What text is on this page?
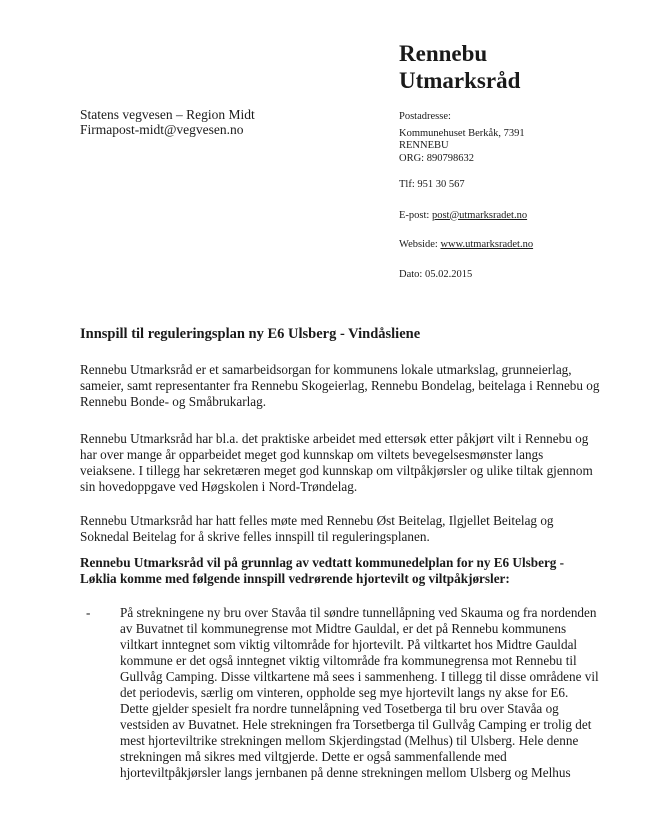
Rennebu
Utmarksråd
Statens vegvesen – Region Midt
Firmapost-midt@vegvesen.no
Postadresse:
Kommunehuset Berkåk, 7391
RENNEBU
ORG: 890798632
Tlf: 951 30 567
E-post: post@utmarksradet.no
Webside: www.utmarksradet.no
Dato: 05.02.2015
Innspill til reguleringsplan ny E6 Ulsberg - Vindåsliene

Rennebu Utmarksråd er et samarbeidsorgan for kommunens lokale utmarkslag, grunneierlag, sameier, samt representanter fra Rennebu Skogeierlag, Rennebu Bondelag, beitelaga i Rennebu og Rennebu Bonde- og Småbrukarlag.

Rennebu Utmarksråd har bl.a. det praktiske arbeidet med ettersøk etter påkjørt vilt i Rennebu og har over mange år opparbeidet meget god kunnskap om viltets bevegelsesmønster langs veiaksene. I tillegg har sekretæren meget god kunnskap om viltpåkjørsler og ulike tiltak gjennom sin hovedoppgave ved Høgskolen i Nord-Trøndelag.

Rennebu Utmarksråd har hatt felles møte med Rennebu Øst Beitelag, Ilgjellet Beitelag og Soknedal Beitelag for å skrive felles innspill til reguleringsplanen.

Rennebu Utmarksråd vil på grunnlag av vedtatt kommunedelplan for ny E6 Ulsberg - Løklia komme med følgende innspill vedrørende hjortevilt og viltpåkjørsler:

- På strekningene ny bru over Stavåa til søndre tunnellåpning ved Skauma og fra nordenden av Buvatnet til kommunegrense mot Midtre Gauldal, er det på Rennebu kommunens viltkart inntegnet som viktig viltområde for hjortevilt. På viltkartet hos Midtre Gauldal kommune er det også inntegnet viktig viltområde fra kommunegrensa mot Rennebu til Gullvåg Camping. Disse viltkartene må sees i sammenheng. I tillegg til disse områdene vil det periodevis, særlig om vinteren, oppholde seg mye hjortevilt langs ny akse for E6. Dette gjelder spesielt fra nordre tunnelåpning ved Tosetberga til bru over Stavåa og vestsiden av Buvatnet. Hele strekningen fra Torsetberga til Gullvåg Camping er trolig det mest hjorteviltrike strekningen mellom Skjerdingstad (Melhus) til Ulsberg. Hele denne strekningen må sikres med viltgjerde. Dette er også sammenfallende med hjorteviltpåkjørsler langs jernbanen på denne strekningen mellom Ulsberg og Melhus
